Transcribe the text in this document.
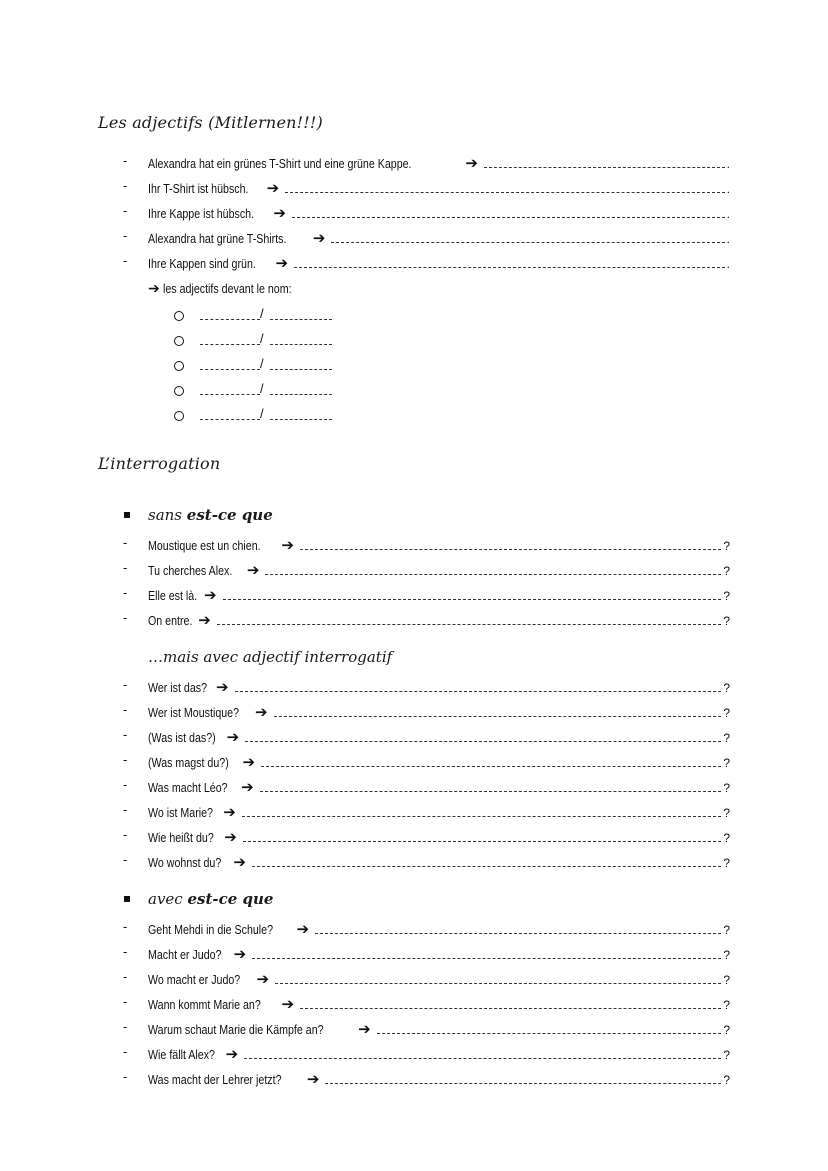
Les adjectifs (Mitlernen!!!)
- Alexandra hat ein grünes T-Shirt und eine grüne Kappe.	➔	.
- Ihr T-Shirt ist hübsch. ➔	.
- Ihre Kappe ist hübsch. ➔	.
- Alexandra hat grüne T-Shirts. ➔	.
- Ihre Kappen sind grün. ➔	.
➔ les adjectifs devant le nom:
/
/
/
/
/
L’interrogation
sans est-ce que
- Moustique est un chien. ➔	?
- Tu cherches Alex. ➔	?
- Elle est là. ➔	?
- On entre. ➔	?
…mais avec adjectif interrogatif
- Wer ist das? ➔	?
- Wer ist Moustique? ➔	?
- (Was ist das?) ➔	?
- (Was magst du?) ➔	?
- Was macht Léo? ➔	?
- Wo ist Marie? ➔	?
- Wie heißt du? ➔	?
- Wo wohnst du? ➔	?
avec est-ce que
- Geht Mehdi in die Schule? ➔	?
- Macht er Judo? ➔	?
- Wo macht er Judo? ➔	?
- Wann kommt Marie an? ➔	?
- Warum schaut Marie die Kämpfe an? ➔	?
- Wie fällt Alex? ➔	?
- Was macht der Lehrer jetzt? ➔	?
